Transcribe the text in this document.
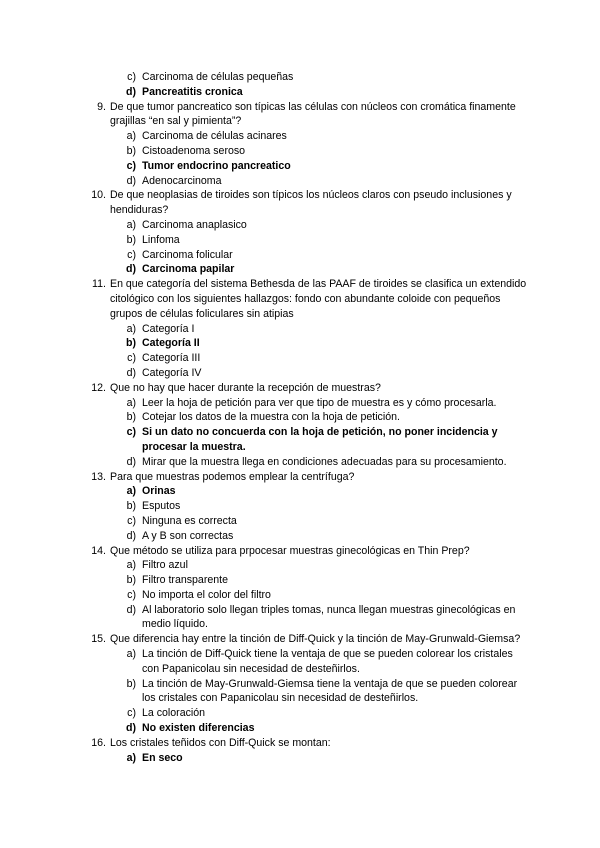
c) Carcinoma de células pequeñas
d) Pancreatitis cronica
9. De que tumor pancreatico son típicas las células con núcleos con cromática finamente grajillas “en sal y pimienta”?
a) Carcinoma de células acinares
b) Cistoadenoma seroso
c) Tumor endocrino pancreatico
d) Adenocarcinoma
10. De que neoplasias de tiroides son típicos los núcleos claros con pseudo inclusiones y hendiduras?
a) Carcinoma anaplasico
b) Linfoma
c) Carcinoma folicular
d) Carcinoma papilar
11. En que categoría del sistema Bethesda de las PAAF de tiroides se clasifica un extendido citológico con los siguientes hallazgos: fondo con abundante coloide con pequeños grupos de células foliculares sin atipias
a) Categoría I
b) Categoría II
c) Categoría III
d) Categoría IV
12. Que no hay que hacer durante la recepción de muestras?
a) Leer la hoja de petición para ver que tipo de muestra es y cómo procesarla.
b) Cotejar los datos de la muestra con la hoja de petición.
c) Si un dato no concuerda con la hoja de petición, no poner incidencia y procesar la muestra.
d) Mirar que la muestra llega en condiciones adecuadas para su procesamiento.
13. Para que muestras podemos emplear la centrífuga?
a) Orinas
b) Esputos
c) Ninguna es correcta
d) A y B son correctas
14. Que método se utiliza para prpocesar muestras ginecológicas en Thin Prep?
a) Filtro azul
b) Filtro transparente
c) No importa el color del filtro
d) Al laboratorio solo llegan triples tomas, nunca llegan muestras ginecológicas en medio líquido.
15. Que diferencia hay entre la tinción de Diff-Quick y la tinción de May-Grunwald-Giemsa?
a) La tinción de Diff-Quick tiene la ventaja de que se pueden colorear los cristales con Papanicolau sin necesidad de desteñirlos.
b) La tinción de May-Grunwald-Giemsa tiene la ventaja de que se pueden colorear los cristales con Papanicolau sin necesidad de desteñirlos.
c) La coloración
d) No existen diferencias
16. Los cristales teñidos con Diff-Quick se montan:
a) En seco
